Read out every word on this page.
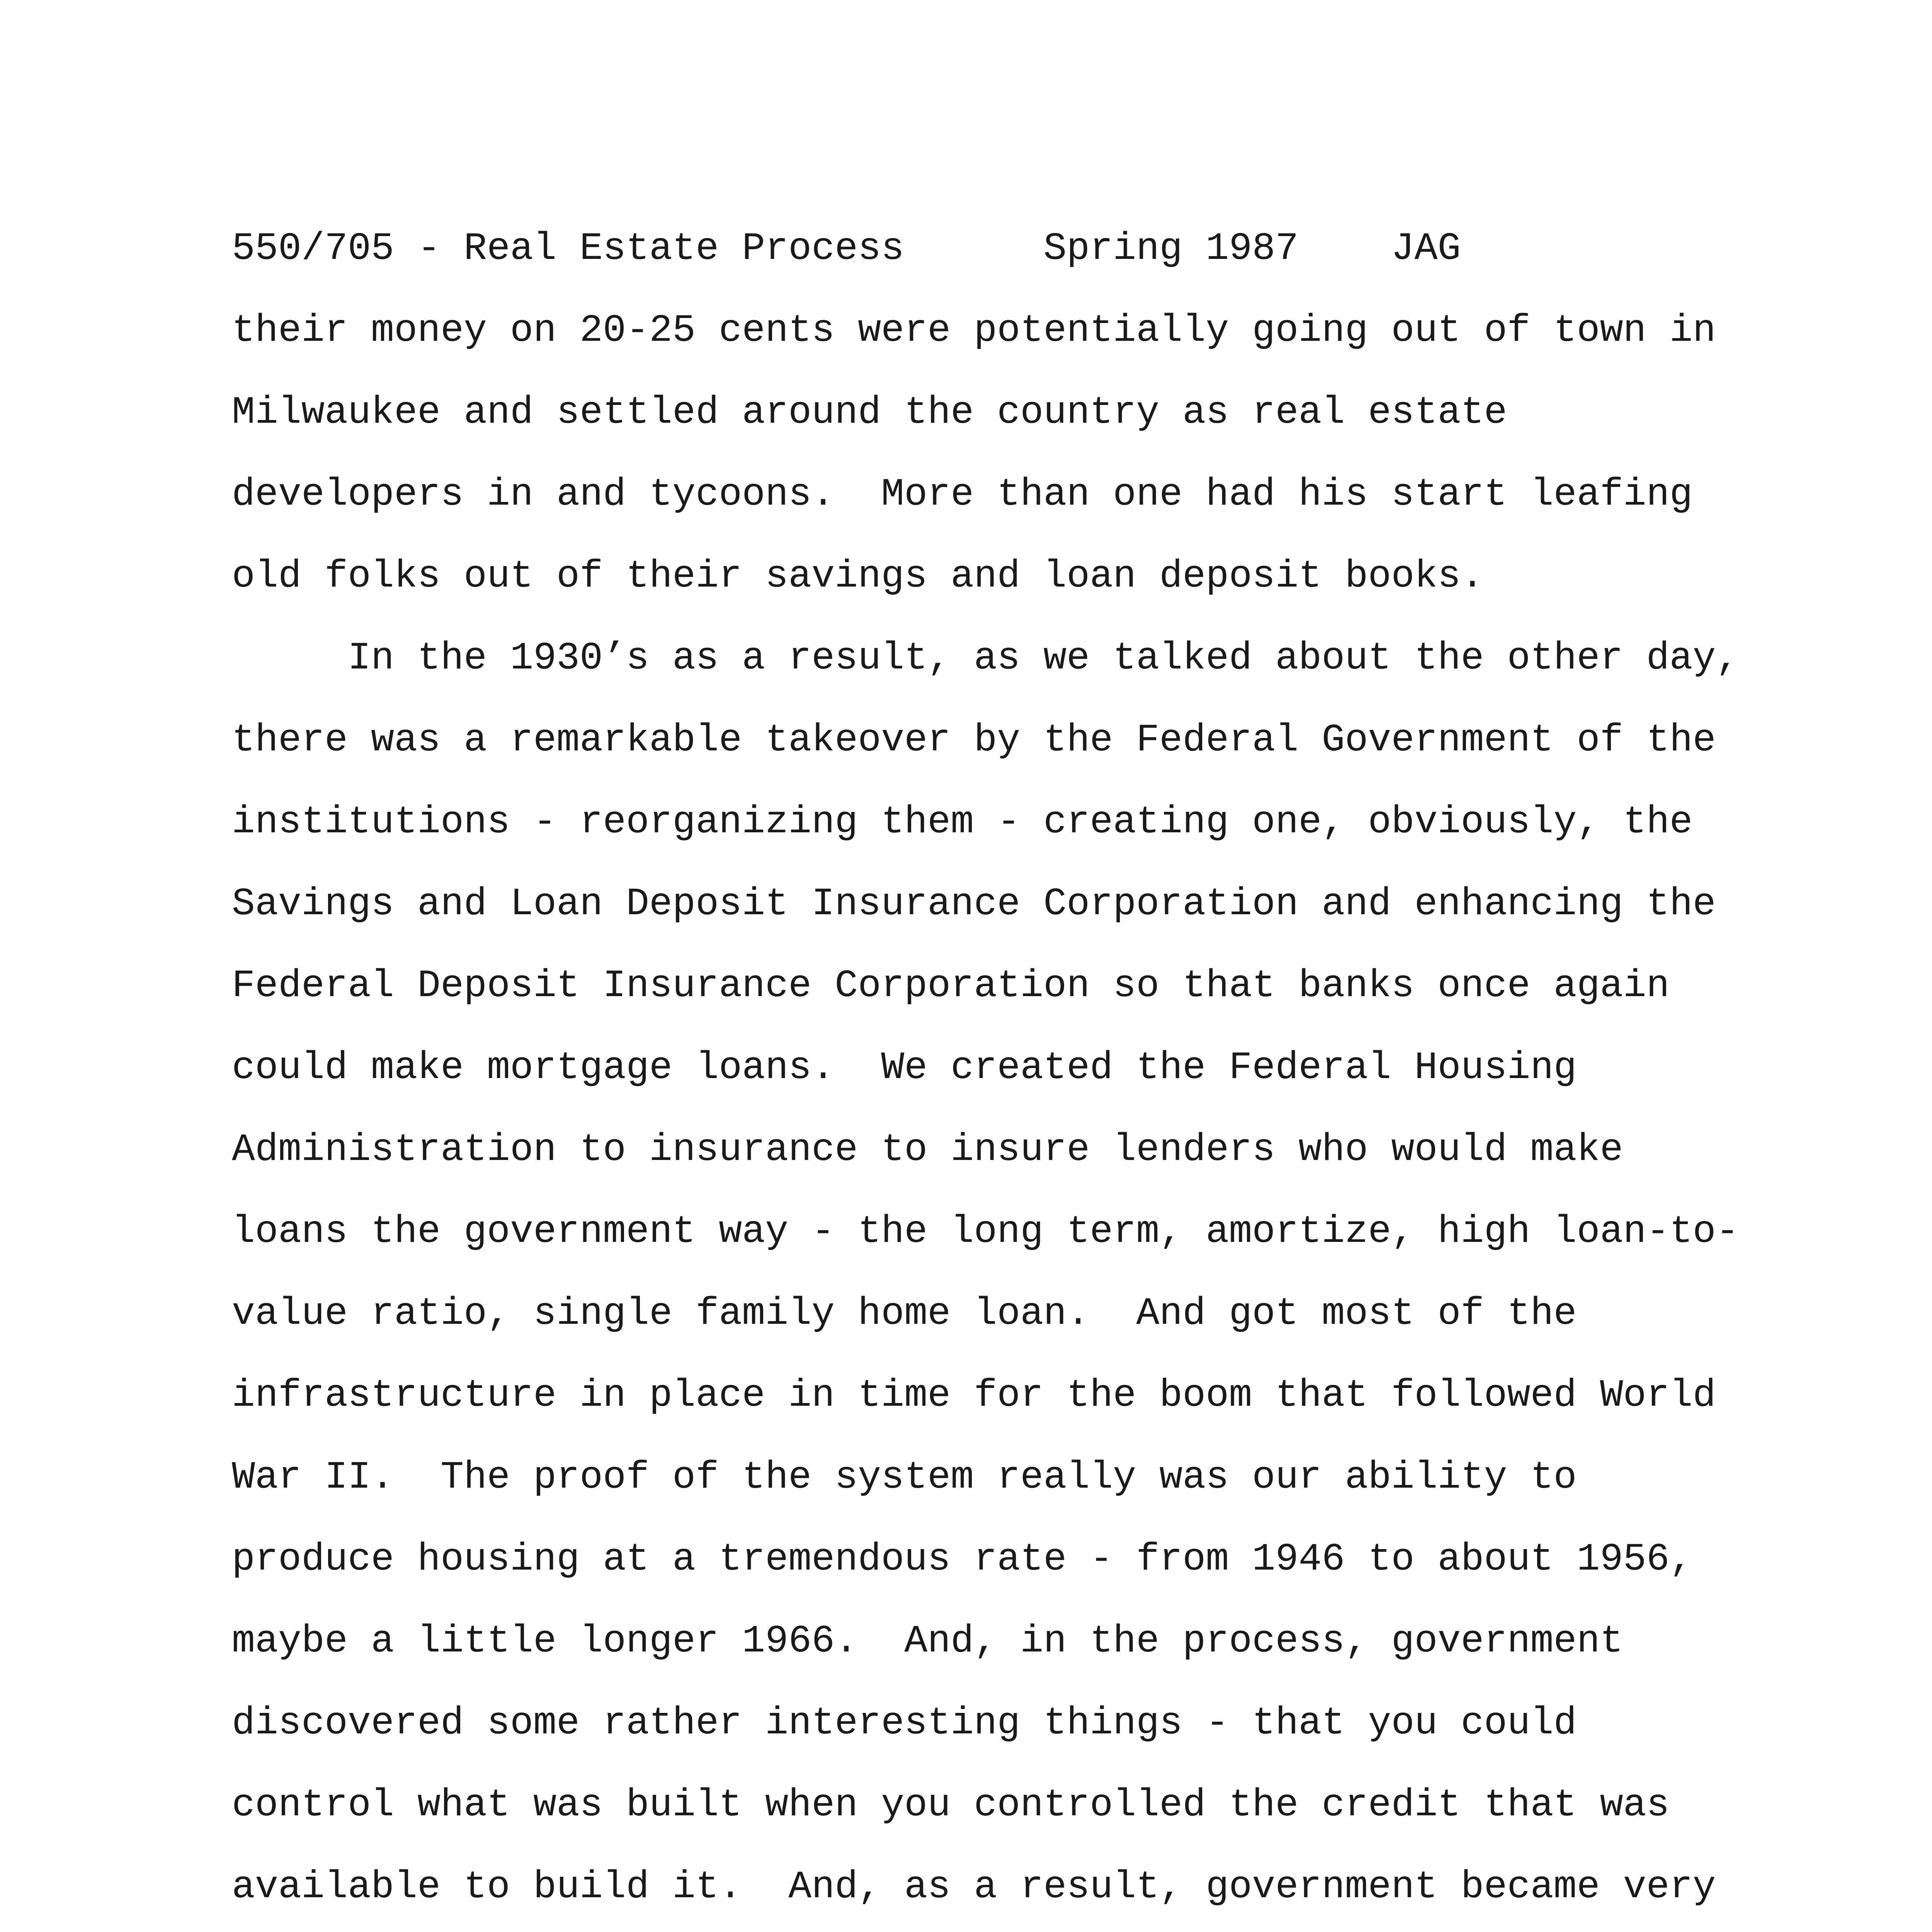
550/705 - Real Estate Process	Spring 1987 JAG
their money on 20-25 cents were potentially going out of town in
Milwaukee and settled around the country as real estate
developers in and tycoons.  More than one had his start leafing
old folks out of their savings and loan deposit books.
In the 1930’s as a result, as we talked about the other day,
there was a remarkable takeover by the Federal Government of the
institutions - reorganizing them - creating one, obviously, the
Savings and Loan Deposit Insurance Corporation and enhancing the
Federal Deposit Insurance Corporation so that banks once again
could make mortgage loans.  We created the Federal Housing
Administration to insurance to insure lenders who would make
loans the government way - the long term, amortize, high loan-to-
value ratio, single family home loan.  And got most of the
infrastructure in place in time for the boom that followed World
War II.  The proof of the system really was our ability to
produce housing at a tremendous rate - from 1946 to about 1956,
maybe a little longer 1966.  And, in the process, government
discovered some rather interesting things - that you could
control what was built when you controlled the credit that was
available to build it.  And, as a result, government became very
